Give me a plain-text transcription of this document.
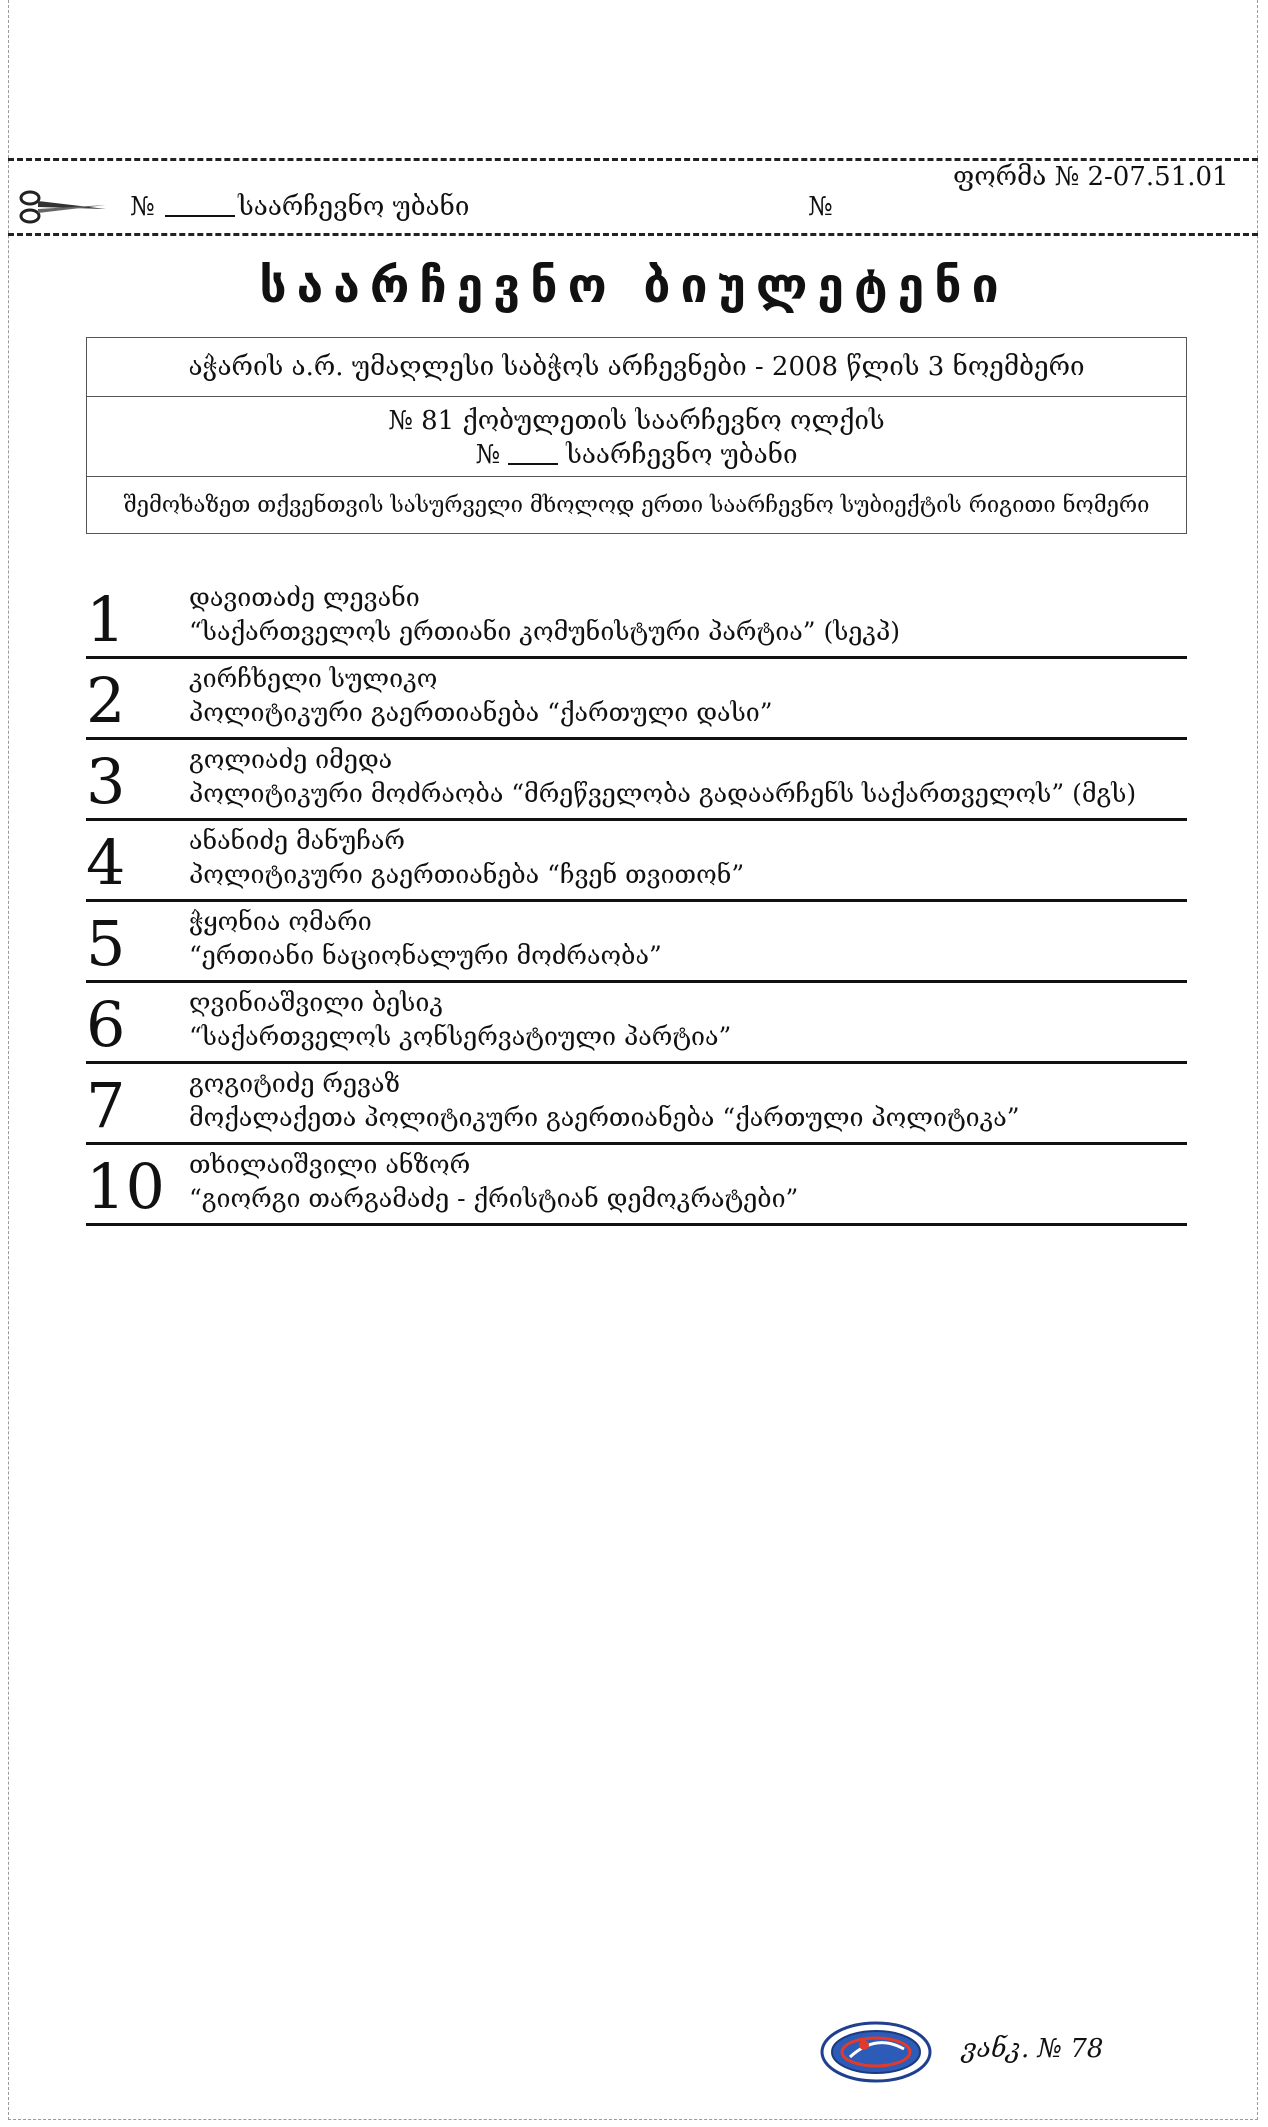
№	საარჩევნო უბანი	№
ფორმა № 2-07.51.01
საარჩევნო ბიულეტენი
აჭარის ა.რ. უმაღლესი საბჭოს არჩევნები - 2008 წლის 3 ნოემბერი
№ 81 ქობულეთის საარჩევნო ოლქის
№	საარჩევნო უბანი
შემოხაზეთ თქვენთვის სასურველი მხოლოდ ერთი საარჩევნო სუბიექტის რიგითი ნომერი
1	დავითაძე ლევანი
“საქართველოს ერთიანი კომუნისტური პარტია” (სეკპ)
2	კირჩხელი სულიკო
პოლიტიკური გაერთიანება “ქართული დასი”
3	გოლიაძე იმედა
პოლიტიკური მოძრაობა “მრეწველობა გადაარჩენს საქართველოს” (მგს)
4	ანანიძე მანუჩარ
პოლიტიკური გაერთიანება “ჩვენ თვითონ”
5	ჭყონია ომარი
“ერთიანი ნაციონალური მოძრაობა”
6	ღვინიაშვილი ბესიკ
“საქართველოს კონსერვატიული პარტია”
7	გოგიტიძე რევაზ
მოქალაქეთა პოლიტიკური გაერთიანება “ქართული პოლიტიკა”
10 თხილაიშვილი ანზორ
“გიორგი თარგამაძე - ქრისტიან დემოკრატები”
ვანკ. № 78
